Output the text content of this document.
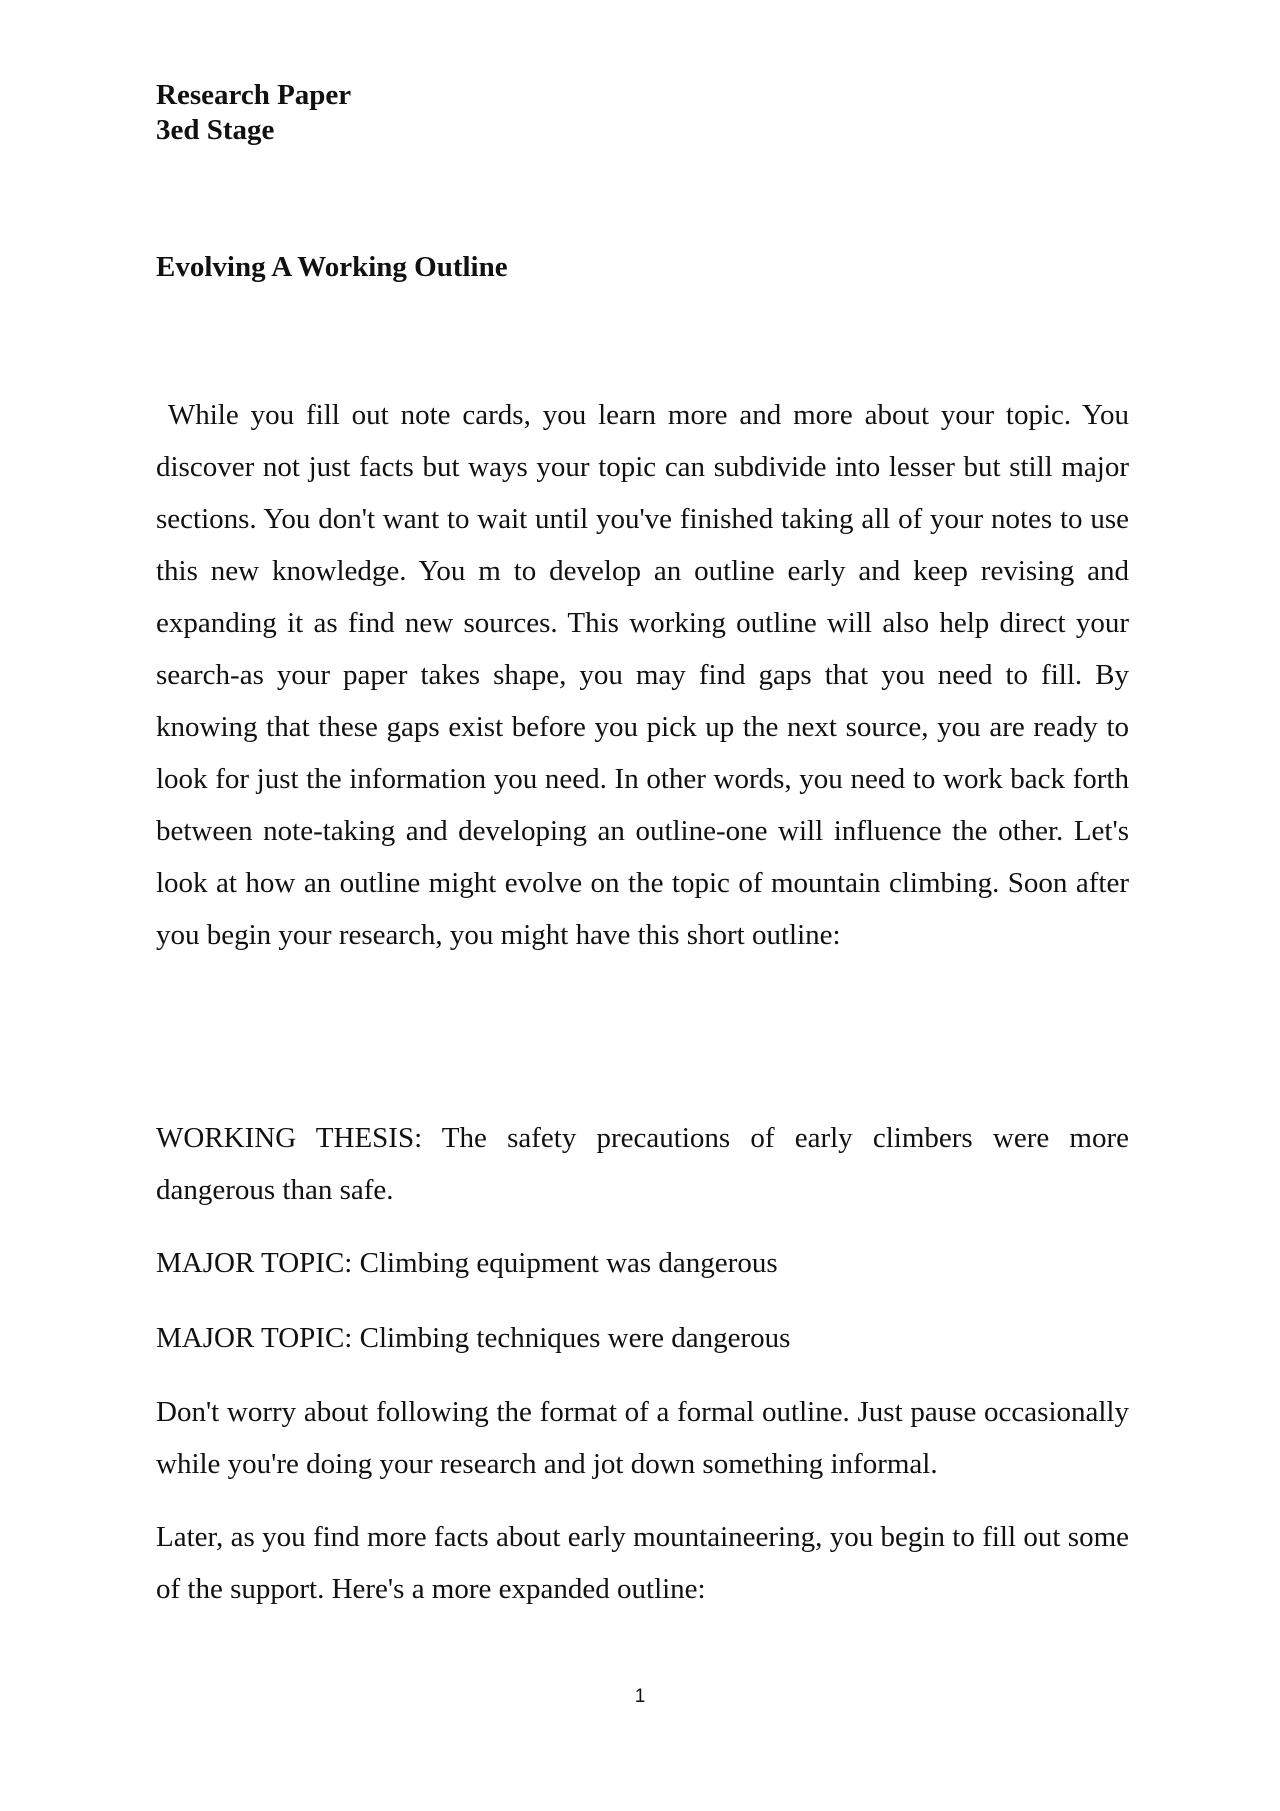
Research Paper
3ed Stage
Evolving A Working Outline

While you fill out note cards, you learn more and more about your topic. You discover not just facts but ways your topic can subdivide into lesser but still major sections. You don't want to wait until you've finished taking all of your notes to use this new knowledge. You m to develop an outline early and keep revising and expanding it as find new sources. This working outline will also help direct your search-as your paper takes shape, you may find gaps that you need to fill. By knowing that these gaps exist before you pick up the next source, you are ready to look for just the information you need. In other words, you need to work back forth between note-taking and developing an outline-one will influence the other. Let's look at how an outline might evolve on the topic of mountain climbing. Soon after you begin your research, you might have this short outline:

WORKING THESIS: The safety precautions of early climbers were more dangerous than safe.

MAJOR TOPIC: Climbing equipment was dangerous

MAJOR TOPIC: Climbing techniques were dangerous

Don't worry about following the format of a formal outline. Just pause occasionally while you're doing your research and jot down something informal.

Later, as you find more facts about early mountaineering, you begin to fill out some of the support. Here's a more expanded outline:

1
